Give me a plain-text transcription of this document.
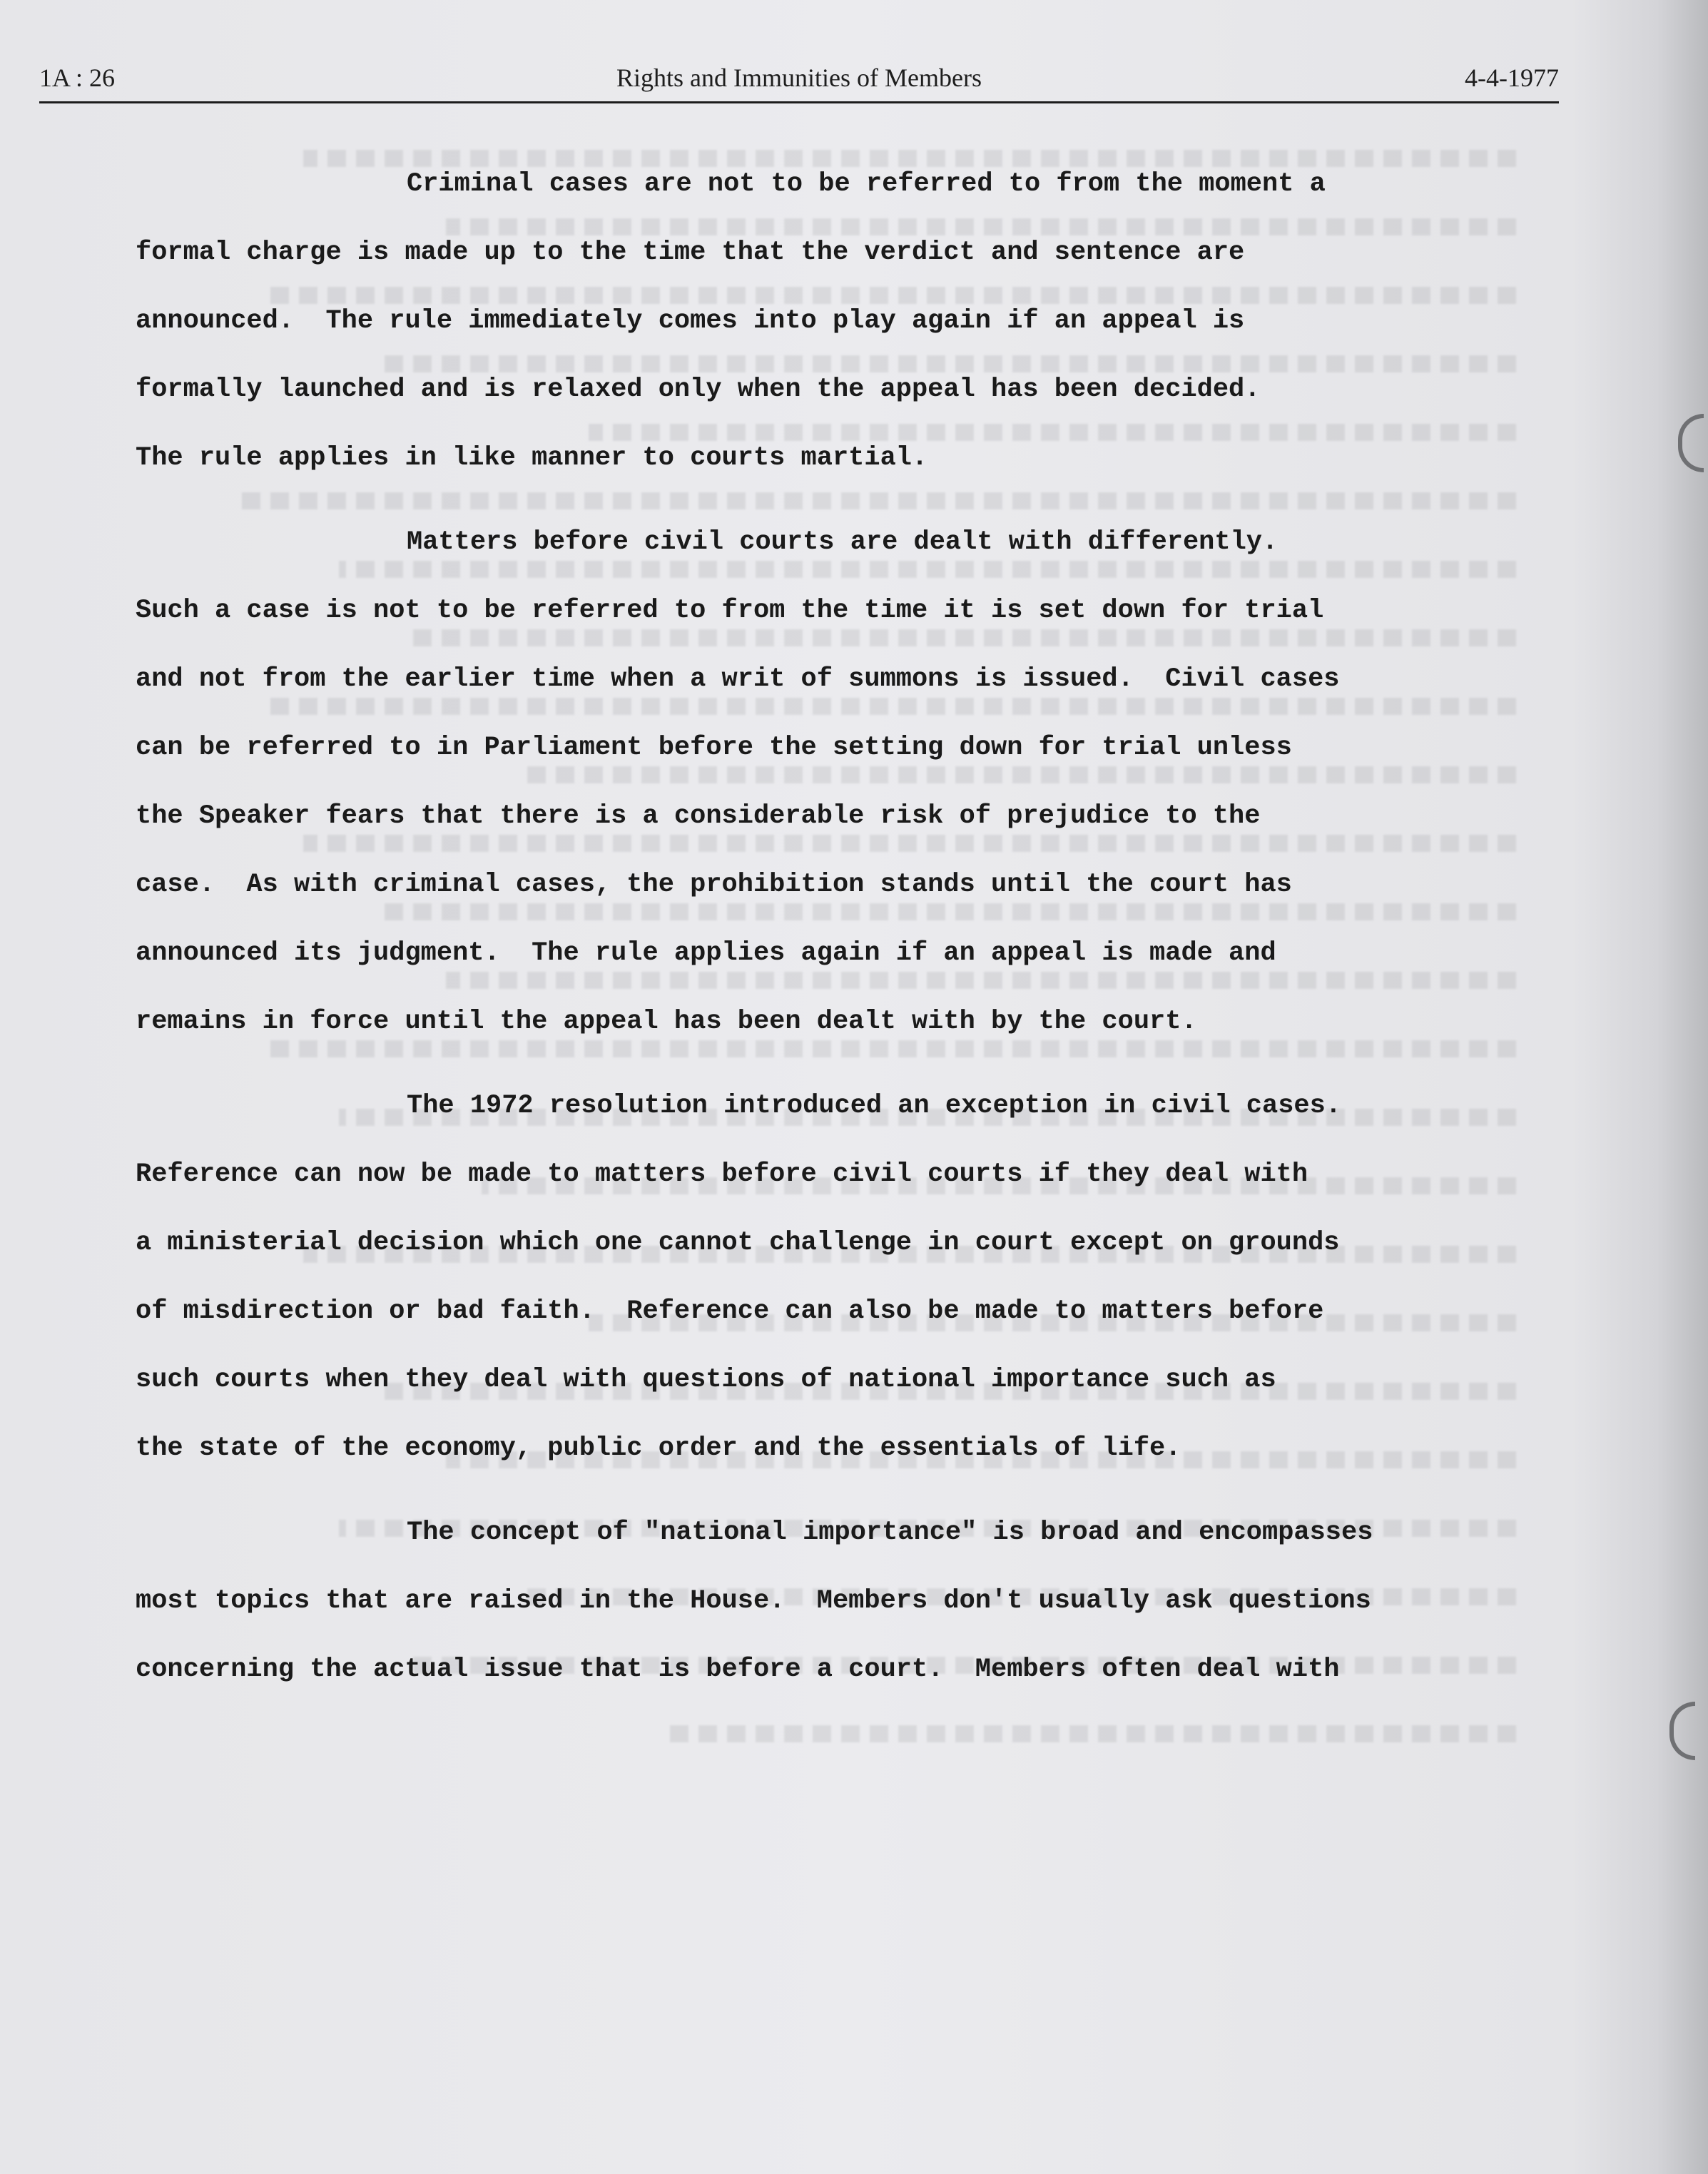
1A : 26	Rights and Immunities of Members	4-4-1977
Criminal cases are not to be referred to from the moment a
formal charge is made up to the time that the verdict and sentence are
announced.  The rule immediately comes into play again if an appeal is
formally launched and is relaxed only when the appeal has been decided.
The rule applies in like manner to courts martial.
Matters before civil courts are dealt with differently.
Such a case is not to be referred to from the time it is set down for trial
and not from the earlier time when a writ of summons is issued.  Civil cases
can be referred to in Parliament before the setting down for trial unless
the Speaker fears that there is a considerable risk of prejudice to the
case.  As with criminal cases, the prohibition stands until the court has
announced its judgment.  The rule applies again if an appeal is made and
remains in force until the appeal has been dealt with by the court.
The 1972 resolution introduced an exception in civil cases.
Reference can now be made to matters before civil courts if they deal with
a ministerial decision which one cannot challenge in court except on grounds
of misdirection or bad faith.  Reference can also be made to matters before
such courts when they deal with questions of national importance such as
the state of the economy, public order and the essentials of life.
The concept of "national importance" is broad and encompasses
most topics that are raised in the House.  Members don't usually ask questions
concerning the actual issue that is before a court.  Members often deal with
